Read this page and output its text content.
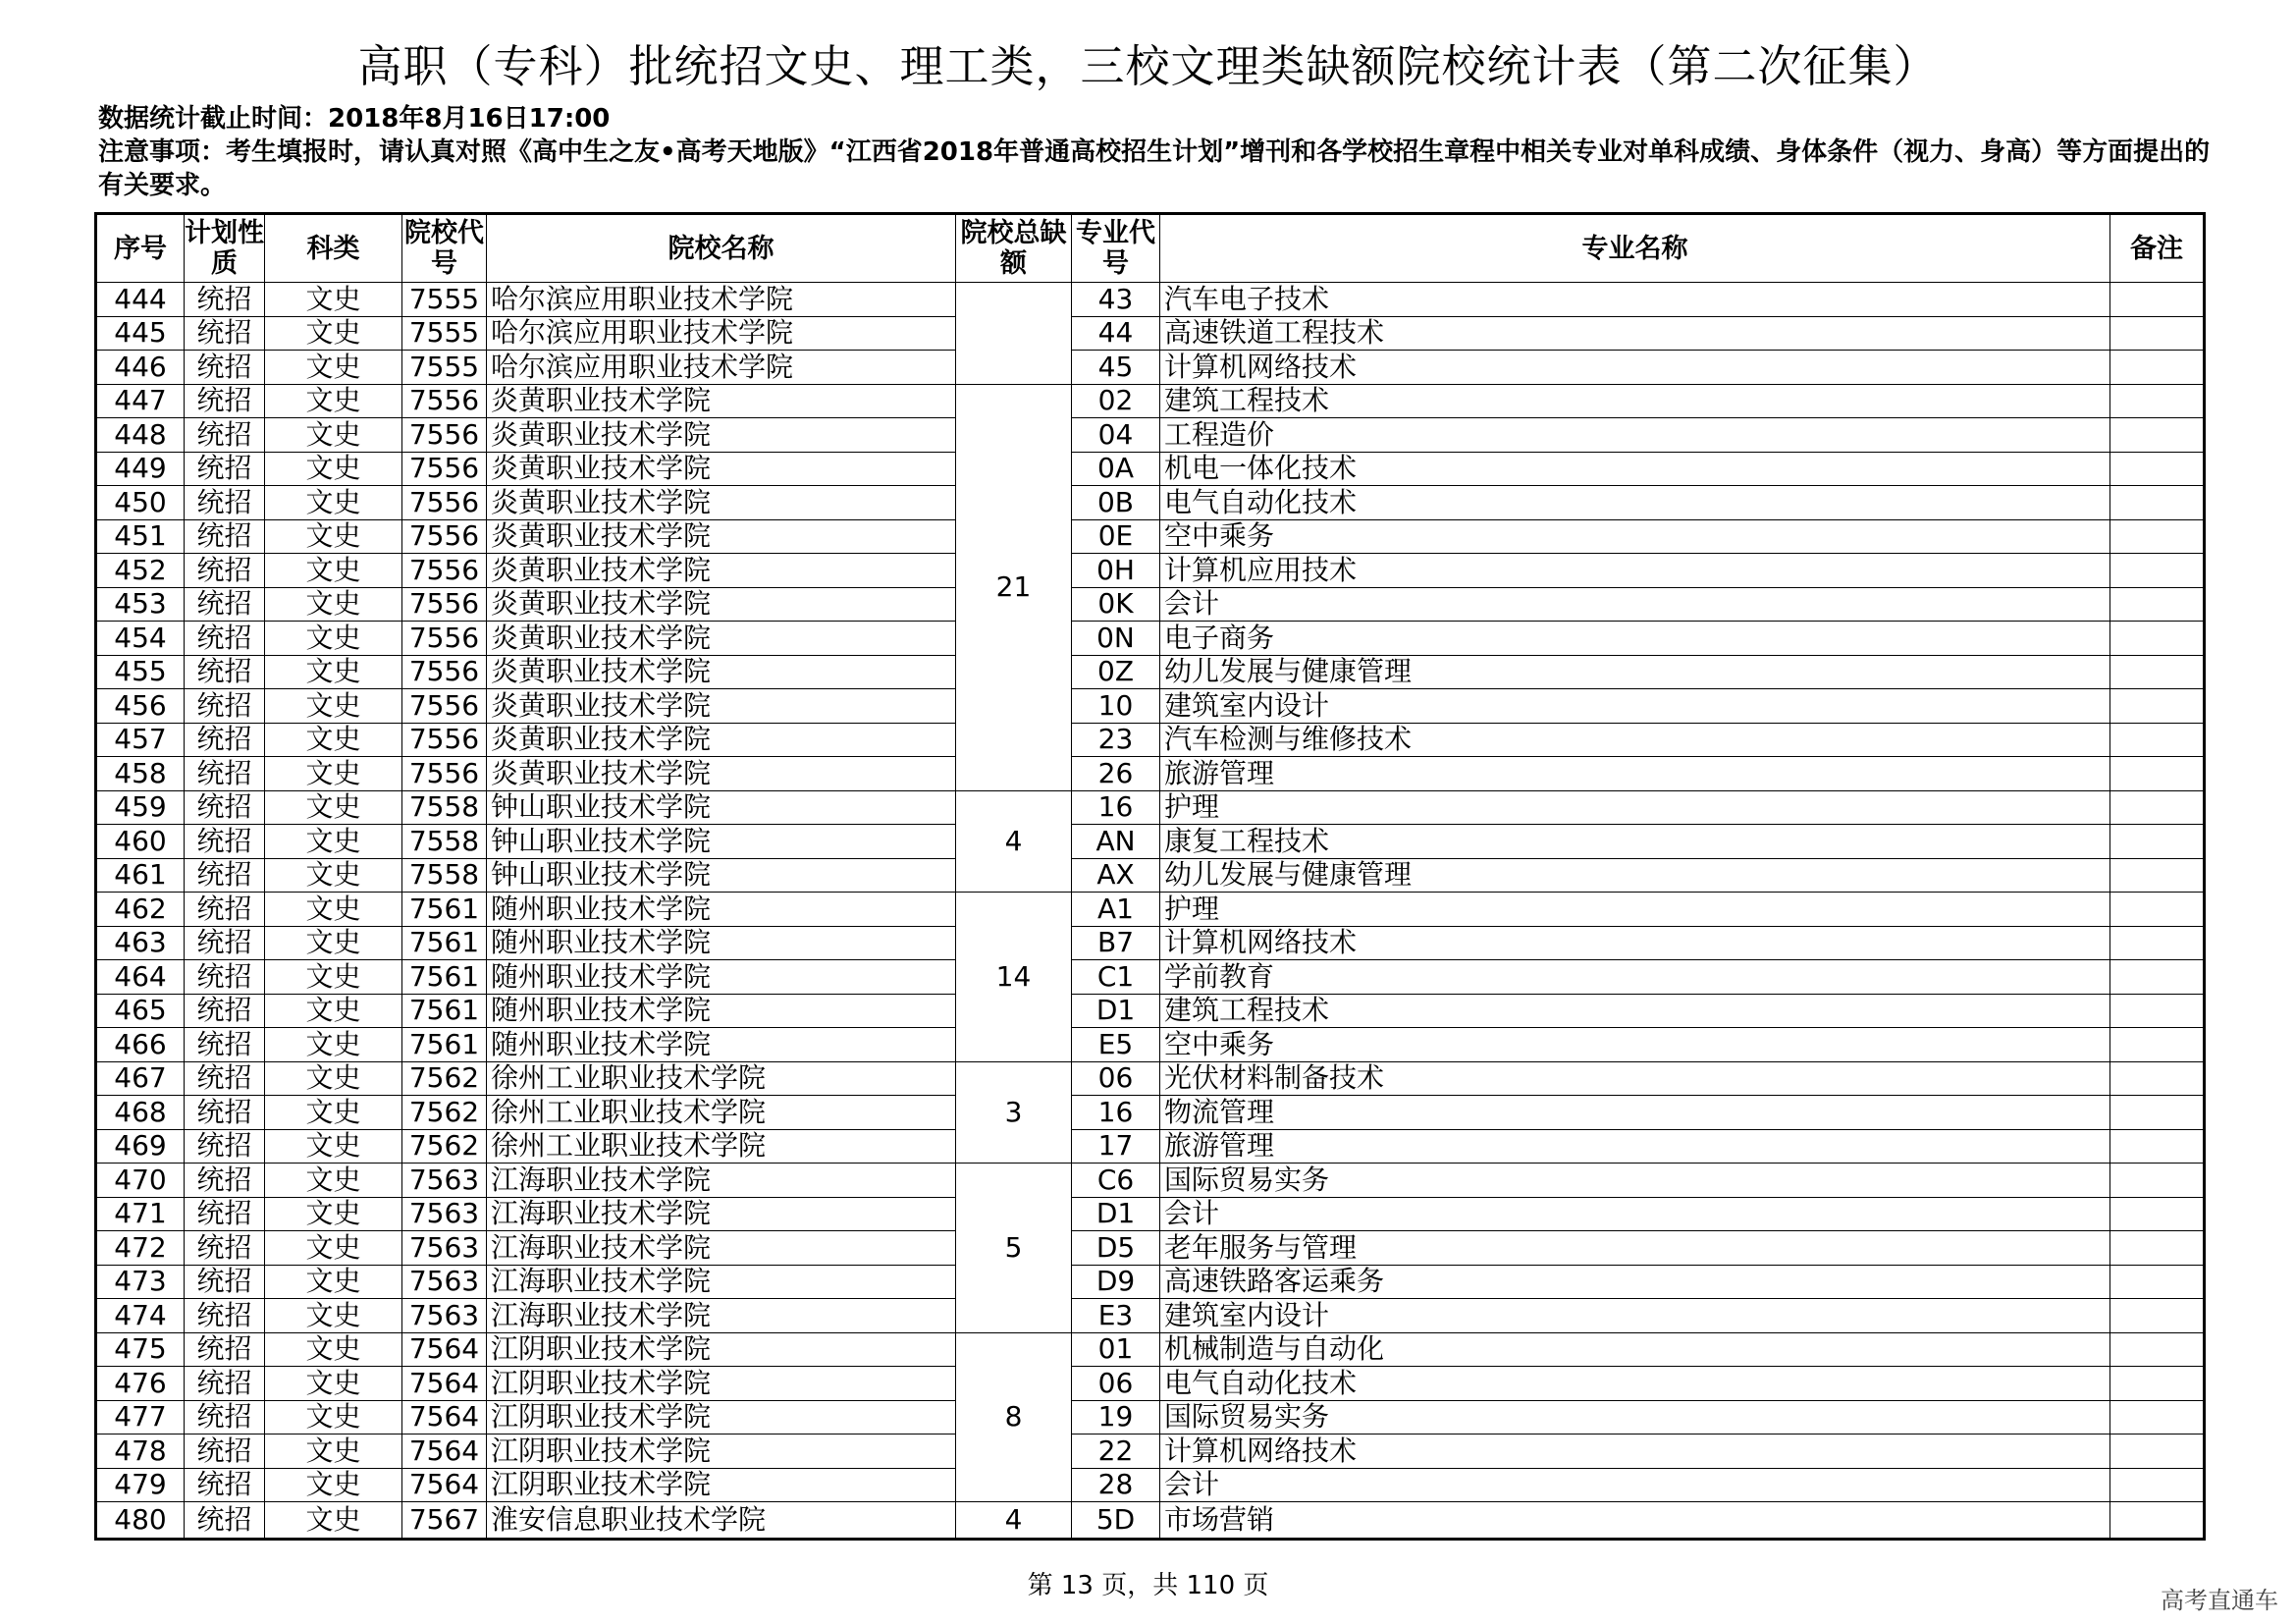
高职（专科）批统招文史、理工类，三校文理类缺额院校统计表（第二次征集）
数据统计截止时间：2018年8月16日17:00
注意事项：考生填报时，请认真对照《高中生之友•高考天地版》“江西省2018年普通高校招生计划”增刊和各学校招生章程中相关专业对单科成绩、身体条件（视力、身高）等方面提出的有关要求。
序号	计划性质	科类	院校代号	院校名称	院校总缺额	专业代号	专业名称	备注
444	统招	文史	7555	哈尔滨应用职业技术学院		43	汽车电子技术	
445	统招	文史	7555	哈尔滨应用职业技术学院		44	高速铁道工程技术	
446	统招	文史	7555	哈尔滨应用职业技术学院		45	计算机网络技术	
447	统招	文史	7556	炎黄职业技术学院	21	02	建筑工程技术	
448	统招	文史	7556	炎黄职业技术学院		04	工程造价	
449	统招	文史	7556	炎黄职业技术学院		0A	机电一体化技术	
450	统招	文史	7556	炎黄职业技术学院		0B	电气自动化技术	
451	统招	文史	7556	炎黄职业技术学院		0E	空中乘务	
452	统招	文史	7556	炎黄职业技术学院		0H	计算机应用技术	
453	统招	文史	7556	炎黄职业技术学院		0K	会计	
454	统招	文史	7556	炎黄职业技术学院		0N	电子商务	
455	统招	文史	7556	炎黄职业技术学院		0Z	幼儿发展与健康管理	
456	统招	文史	7556	炎黄职业技术学院		10	建筑室内设计	
457	统招	文史	7556	炎黄职业技术学院		23	汽车检测与维修技术	
458	统招	文史	7556	炎黄职业技术学院		26	旅游管理	
459	统招	文史	7558	钟山职业技术学院	4	16	护理	
460	统招	文史	7558	钟山职业技术学院		AN	康复工程技术	
461	统招	文史	7558	钟山职业技术学院		AX	幼儿发展与健康管理	
462	统招	文史	7561	随州职业技术学院	14	A1	护理	
463	统招	文史	7561	随州职业技术学院		B7	计算机网络技术	
464	统招	文史	7561	随州职业技术学院		C1	学前教育	
465	统招	文史	7561	随州职业技术学院		D1	建筑工程技术	
466	统招	文史	7561	随州职业技术学院		E5	空中乘务	
467	统招	文史	7562	徐州工业职业技术学院	3	06	光伏材料制备技术	
468	统招	文史	7562	徐州工业职业技术学院		16	物流管理	
469	统招	文史	7562	徐州工业职业技术学院		17	旅游管理	
470	统招	文史	7563	江海职业技术学院	5	C6	国际贸易实务	
471	统招	文史	7563	江海职业技术学院		D1	会计	
472	统招	文史	7563	江海职业技术学院		D5	老年服务与管理	
473	统招	文史	7563	江海职业技术学院		D9	高速铁路客运乘务	
474	统招	文史	7563	江海职业技术学院		E3	建筑室内设计	
475	统招	文史	7564	江阴职业技术学院	8	01	机械制造与自动化	
476	统招	文史	7564	江阴职业技术学院		06	电气自动化技术	
477	统招	文史	7564	江阴职业技术学院		19	国际贸易实务	
478	统招	文史	7564	江阴职业技术学院		22	计算机网络技术	
479	统招	文史	7564	江阴职业技术学院		28	会计	
480	统招	文史	7567	淮安信息职业技术学院	4	5D	市场营销	
第 13 页，共 110 页	高考直通车
